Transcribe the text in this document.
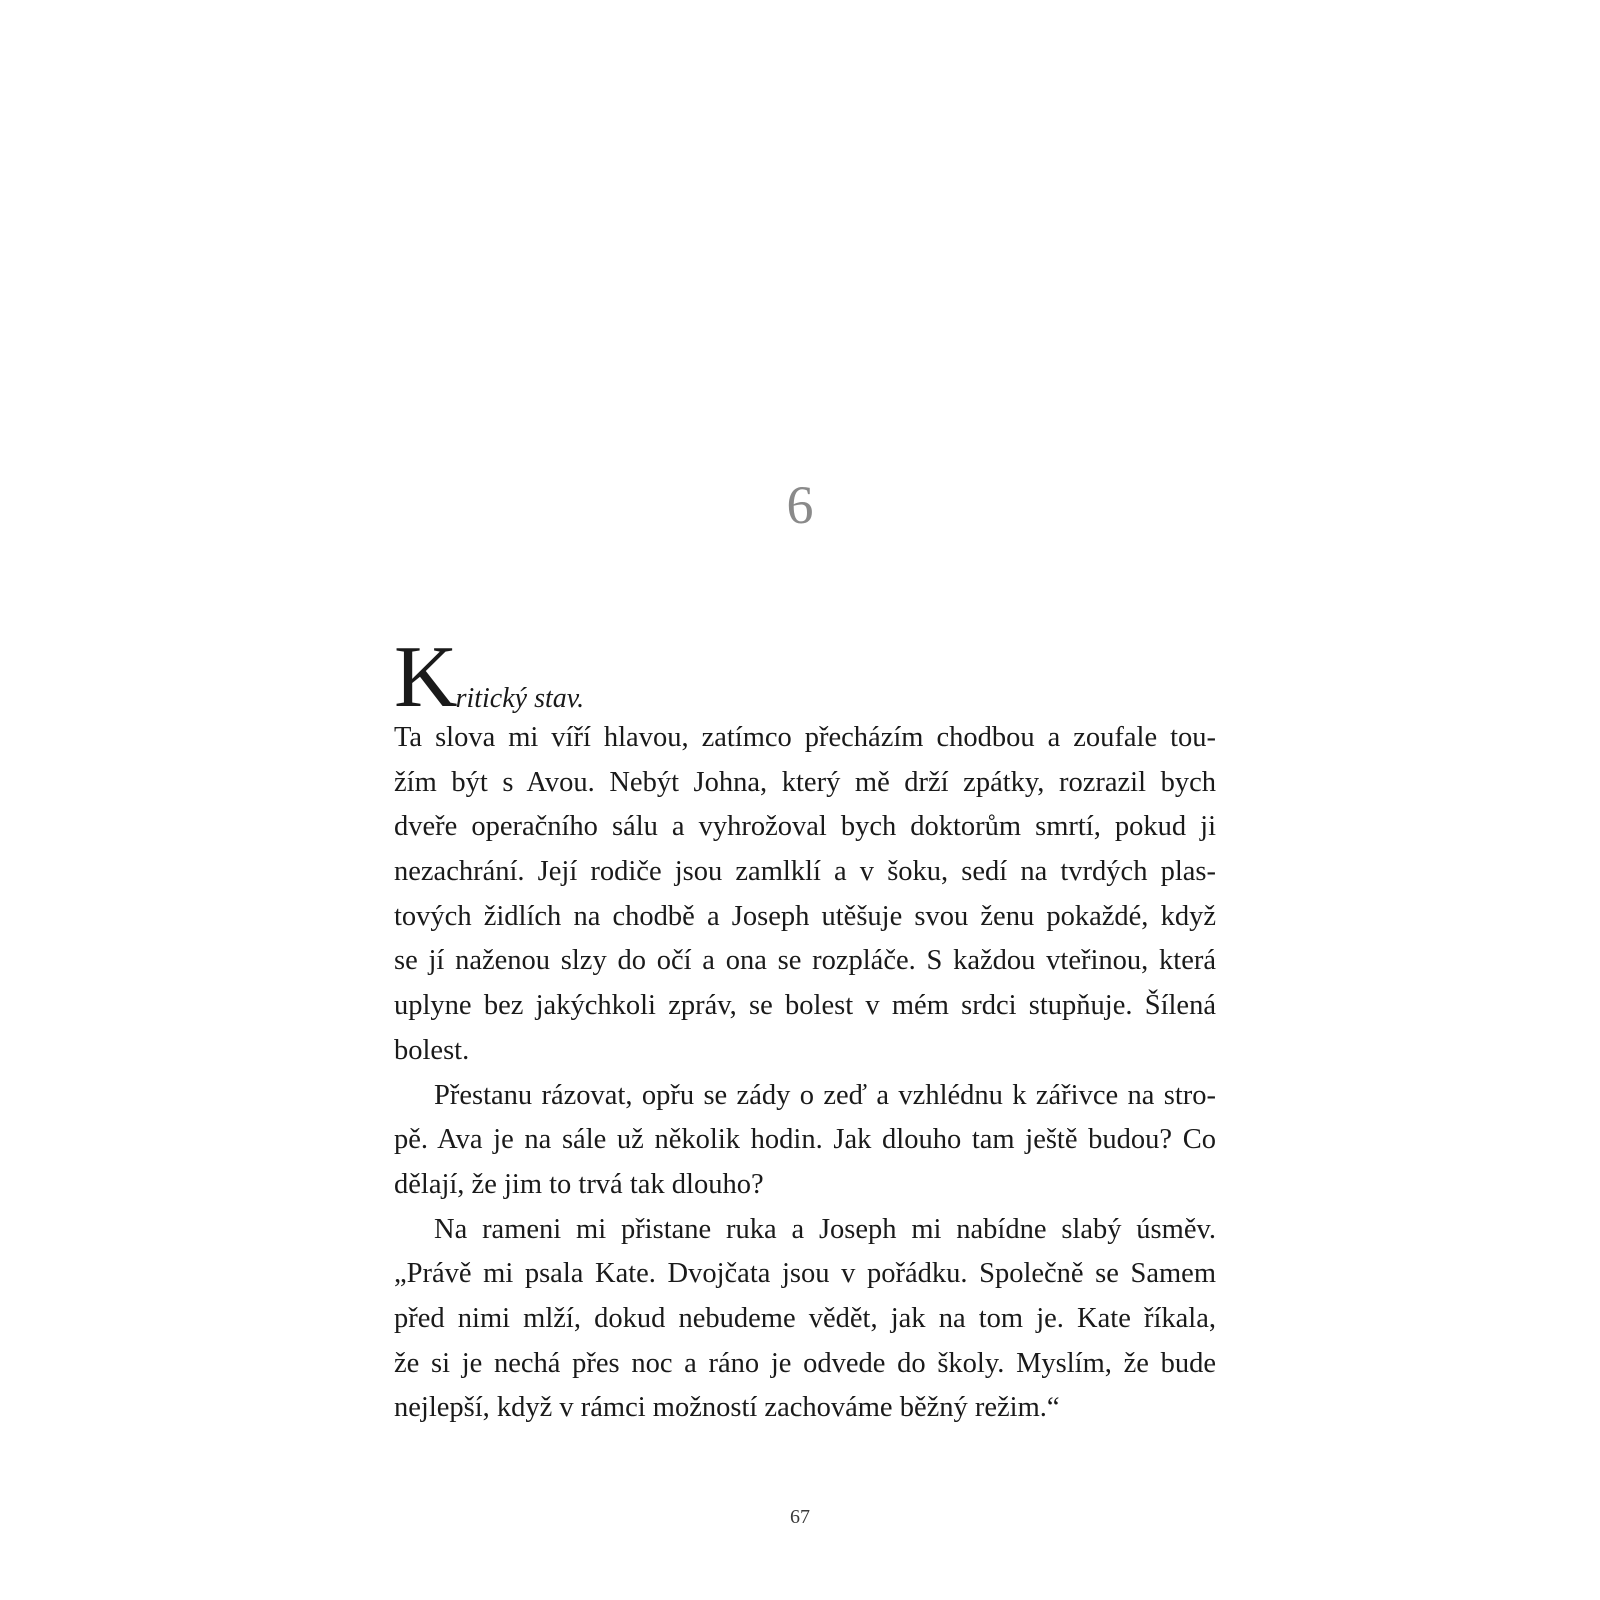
6
Kritický stav.
Ta slova mi víří hlavou, zatímco přecházím chodbou a zoufale tou-
žím být s Avou. Nebýt Johna, který mě drží zpátky, rozrazil bych
dveře operačního sálu a vyhrožoval bych doktorům smrtí, pokud ji
nezachrání. Její rodiče jsou zamlklí a v šoku, sedí na tvrdých plas-
tových židlích na chodbě a Joseph utěšuje svou ženu pokaždé, když
se jí naženou slzy do očí a ona se rozpláče. S každou vteřinou, která
uplyne bez jakýchkoli zpráv, se bolest v mém srdci stupňuje. Šílená
bolest.
Přestanu rázovat, opřu se zády o zeď a vzhlédnu k zářivce na stro-
pě. Ava je na sále už několik hodin. Jak dlouho tam ještě budou? Co
dělají, že jim to trvá tak dlouho?
Na rameni mi přistane ruka a Joseph mi nabídne slabý úsměv.
„Právě mi psala Kate. Dvojčata jsou v pořádku. Společně se Samem
před nimi mlží, dokud nebudeme vědět, jak na tom je. Kate říkala,
že si je nechá přes noc a ráno je odvede do školy. Myslím, že bude
nejlepší, když v rámci možností zachováme běžný režim.“
67
